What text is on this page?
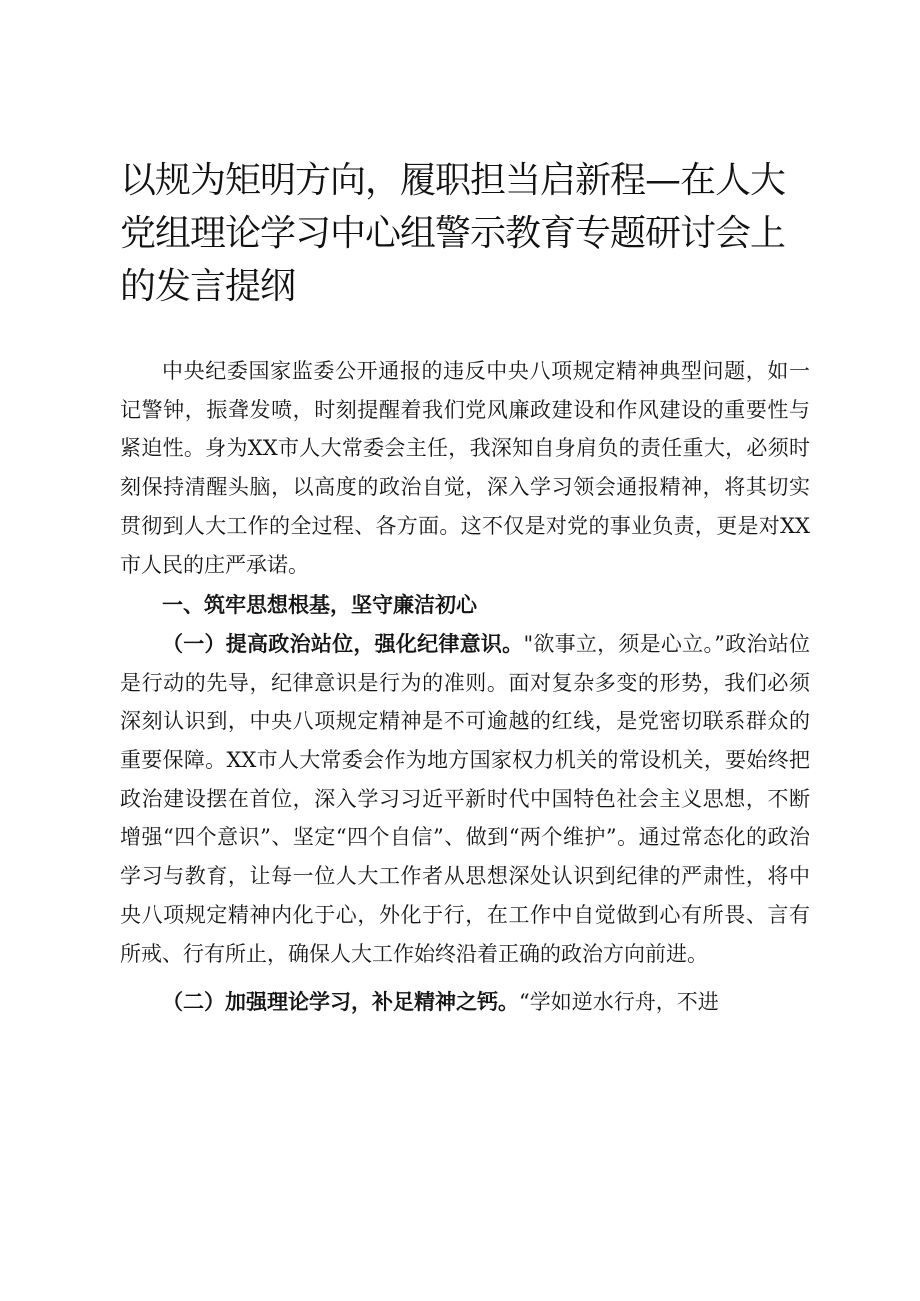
以规为矩明方向，履职担当启新程—在人大党组理论学习中心组警示教育专题研讨会上的发言提纲

中央纪委国家监委公开通报的违反中央八项规定精神典型问题，如一记警钟，振聋发喷，时刻提醒着我们党风廉政建设和作风建设的重要性与紧迫性。身为XX市人大常委会主任，我深知自身肩负的责任重大，必须时刻保持清醒头脑，以高度的政治自觉，深入学习领会通报精神，将其切实贯彻到人大工作的全过程、各方面。这不仅是对党的事业负责，更是对XX市人民的庄严承诺。

一、筑牢思想根基，坚守廉洁初心

（一）提高政治站位，强化纪律意识。"欲事立，须是心立。”政治站位是行动的先导，纪律意识是行为的准则。面对复杂多变的形势，我们必须深刻认识到，中央八项规定精神是不可逾越的红线，是党密切联系群众的重要保障。XX市人大常委会作为地方国家权力机关的常设机关，要始终把政治建设摆在首位，深入学习习近平新时代中国特色社会主义思想，不断增强“四个意识”、坚定“四个自信”、做到“两个维护”。通过常态化的政治学习与教育，让每一位人大工作者从思想深处认识到纪律的严肃性，将中央八项规定精神内化于心，外化于行，在工作中自觉做到心有所畏、言有所戒、行有所止，确保人大工作始终沿着正确的政治方向前进。

（二）加强理论学习，补足精神之钙。“学如逆水行舟，不进
